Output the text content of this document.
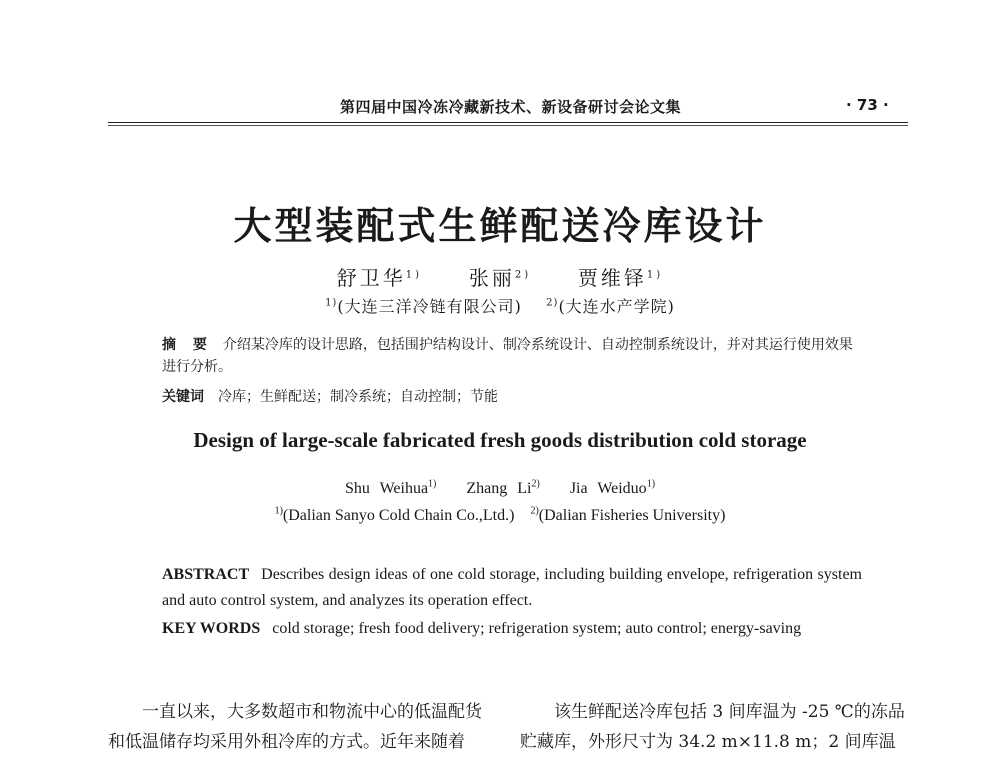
第四届中国冷冻冷藏新技术、新设备研讨会论文集	· 73 ·
大型装配式生鲜配送冷库设计
舒卫华$^{1)}$ 张丽$^{2)}$ 贾维铎$^{1)}$
$^{1)}$(大连三洋冷链有限公司) $^{2)}$(大连水产学院)
摘 要 介绍某冷库的设计思路，包括围护结构设计、制冷系统设计、自动控制系统设计，并对其运行使用效果进行分析。
关键词 冷库；生鲜配送；制冷系统；自动控制；节能
Design of large-scale fabricated fresh goods distribution cold storage
Shu Weihua$^{1)}$ Zhang Li$^{2)}$ Jia Weiduo$^{1)}$
$^{1)}$(Dalian Sanyo Cold Chain Co.,Ltd.) $^{2)}$(Dalian Fisheries University)
ABSTRACT Describes design ideas of one cold storage, including building envelope, refrigeration system and auto control system, and analyzes its operation effect.
KEY WORDS cold storage; fresh food delivery; refrigeration system; auto control; energy-saving
一直以来，大多数超市和物流中心的低温配货和低温储存均采用外租冷库的方式。近年来随着
该生鲜配送冷库包括 3 间库温为 -25 ℃的冻品贮藏库，外形尺寸为 34.2 m×11.8 m；2 间库温
